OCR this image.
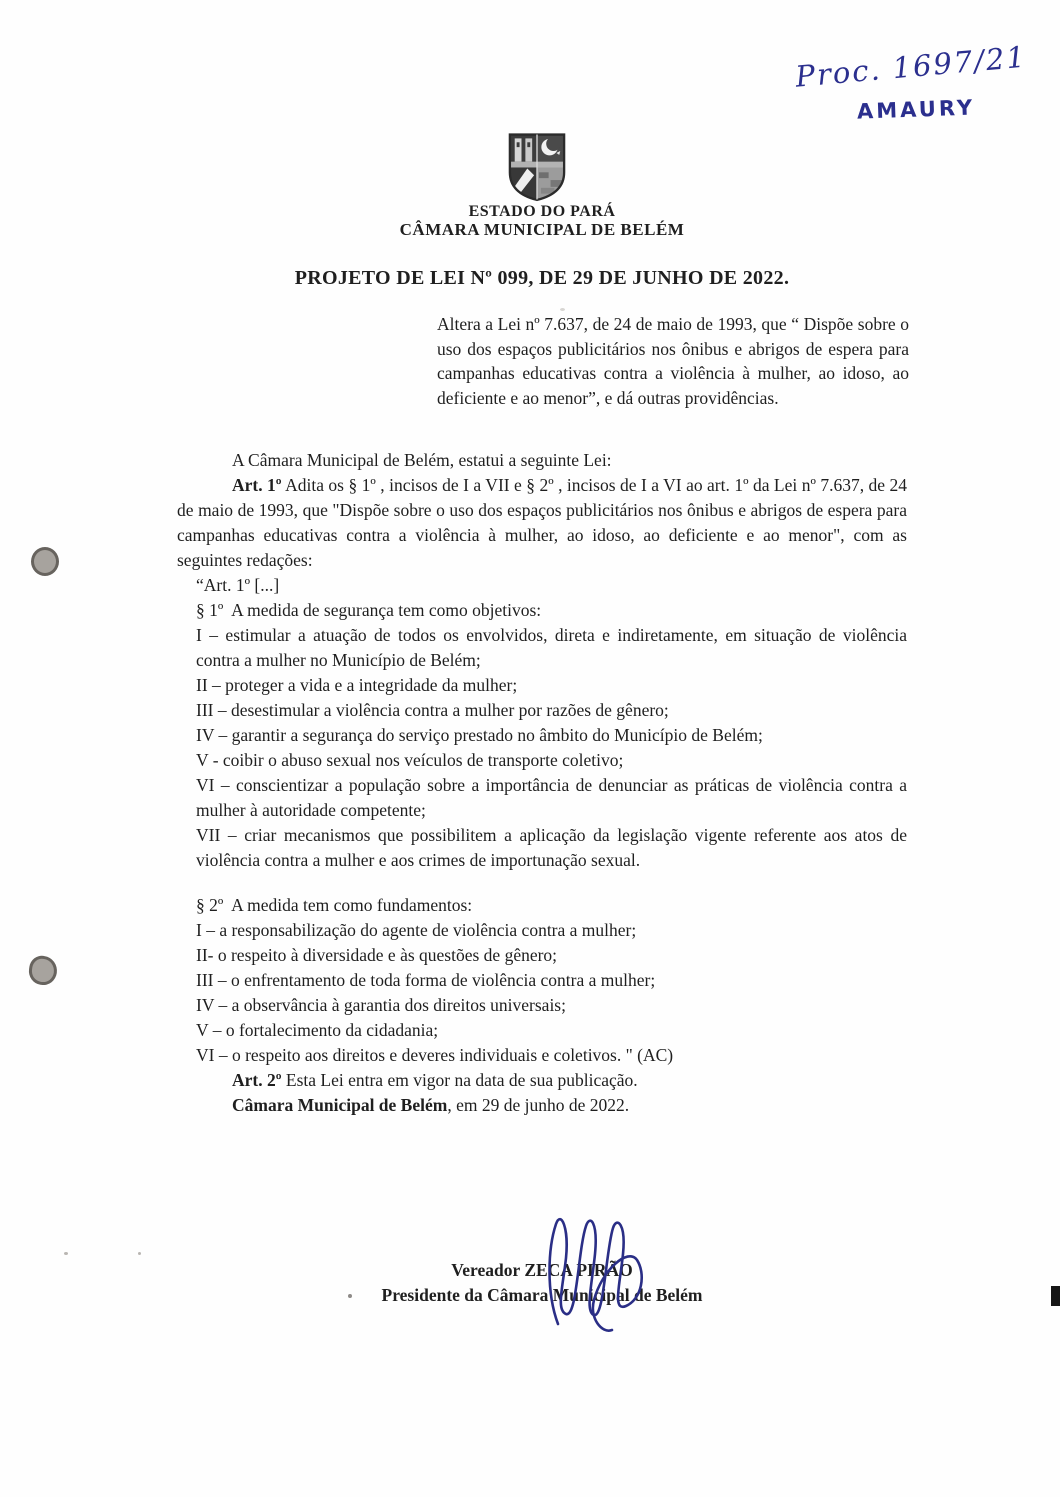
Proc. 1697/21
AMAURY
ESTADO DO PARÁ
CÂMARA MUNICIPAL DE BELÉM
PROJETO DE LEI Nº 099, DE 29 DE JUNHO DE 2022.
Altera a Lei nº 7.637, de 24 de maio de 1993, que “ Dispõe sobre o uso dos espaços publicitários nos ônibus e abrigos de espera para campanhas educativas contra a violência à mulher, ao idoso, ao deficiente e ao menor”, e dá outras providências.

A Câmara Municipal de Belém, estatui a seguinte Lei:

Art. 1º Adita os § 1º , incisos de I a VII e § 2º , incisos de I a VI ao art. 1º da Lei nº 7.637, de 24 de maio de 1993, que "Dispõe sobre o uso dos espaços publicitários nos ônibus e abrigos de espera para campanhas educativas contra a violência à mulher, ao idoso, ao deficiente e ao menor", com as seguintes redações:

“Art. 1º [...]

§ 1º A medida de segurança tem como objetivos:

I – estimular a atuação de todos os envolvidos, direta e indiretamente, em situação de violência contra a mulher no Município de Belém;

II – proteger a vida e a integridade da mulher;

III – desestimular a violência contra a mulher por razões de gênero;

IV – garantir a segurança do serviço prestado no âmbito do Município de Belém;

V - coibir o abuso sexual nos veículos de transporte coletivo;

VI – conscientizar a população sobre a importância de denunciar as práticas de violência contra a mulher à autoridade competente;

VII – criar mecanismos que possibilitem a aplicação da legislação vigente referente aos atos de violência contra a mulher e aos crimes de importunação sexual.

§ 2º A medida tem como fundamentos:

I – a responsabilização do agente de violência contra a mulher;

II- o respeito à diversidade e às questões de gênero;

III – o enfrentamento de toda forma de violência contra a mulher;

IV – a observância à garantia dos direitos universais;

V – o fortalecimento da cidadania;

VI – o respeito aos direitos e deveres individuais e coletivos. " (AC)

Art. 2º Esta Lei entra em vigor na data de sua publicação.

Câmara Municipal de Belém, em 29 de junho de 2022.

Vereador ZECA PIRÃO
Presidente da Câmara Municipal de Belém
